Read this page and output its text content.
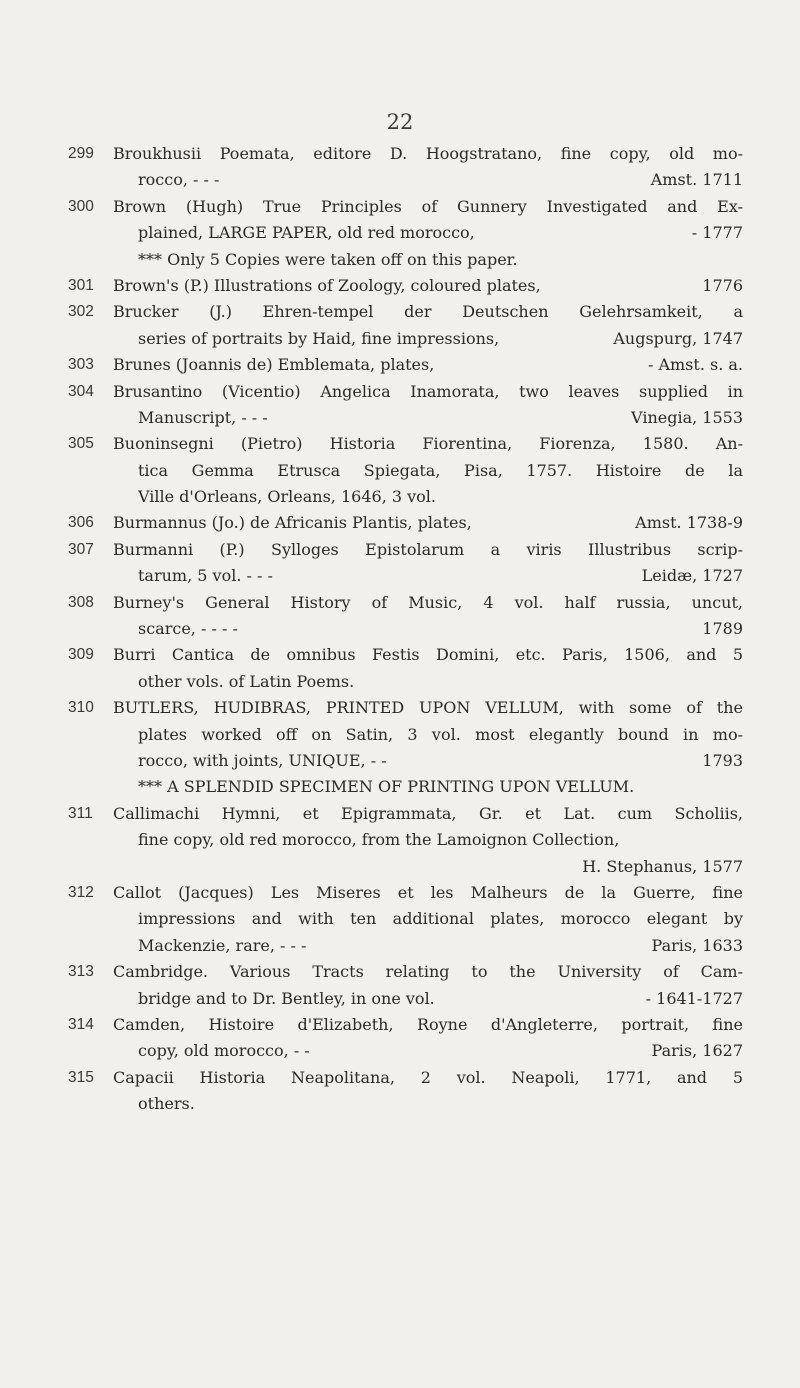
22
299	Broukhusii Poemata, editore D. Hoogstratano, fine copy, old mo-
rocco, - - -	Amst. 1711
300	Brown (Hugh) True Principles of Gunnery Investigated and Ex-
plained, LARGE PAPER, old red morocco,	- 1777
*** Only 5 Copies were taken off on this paper.
301	Brown's (P.) Illustrations of Zoology, coloured plates,	1776
302	Brucker (J.) Ehren-tempel der Deutschen Gelehrsamkeit, a
series of portraits by Haid, fine impressions,	Augspurg, 1747
303	Brunes (Joannis de) Emblemata, plates,	- Amst. s. a.
304	Brusantino (Vicentio) Angelica Inamorata, two leaves supplied in
Manuscript, - - -	Vinegia, 1553
305	Buoninsegni (Pietro) Historia Fiorentina, Fiorenza, 1580. An-
tica Gemma Etrusca Spiegata, Pisa, 1757. Histoire de la
Ville d'Orleans, Orleans, 1646, 3 vol.
306	Burmannus (Jo.) de Africanis Plantis, plates,	Amst. 1738-9
307	Burmanni (P.) Sylloges Epistolarum a viris Illustribus scrip-
tarum, 5 vol. - - -	Leidæ, 1727
308	Burney's General History of Music, 4 vol. half russia, uncut,
scarce, - - - -	1789
309	Burri Cantica de omnibus Festis Domini, etc. Paris, 1506, and 5
other vols. of Latin Poems.
310	BUTLERS, HUDIBRAS, PRINTED UPON VELLUM, with some of the
plates worked off on Satin, 3 vol. most elegantly bound in mo-
rocco, with joints, UNIQUE, - -	1793
*** A SPLENDID SPECIMEN OF PRINTING UPON VELLUM.
311	Callimachi Hymni, et Epigrammata, Gr. et Lat. cum Scholiis,
fine copy, old red morocco, from the Lamoignon Collection,
H. Stephanus, 1577
312	Callot (Jacques) Les Miseres et les Malheurs de la Guerre, fine
impressions and with ten additional plates, morocco elegant by
Mackenzie, rare, - - -	Paris, 1633
313	Cambridge. Various Tracts relating to the University of Cam-
bridge and to Dr. Bentley, in one vol.	- 1641-1727
314	Camden, Histoire d'Elizabeth, Royne d'Angleterre, portrait, fine
copy, old morocco, - -	Paris, 1627
315	Capacii Historia Neapolitana, 2 vol. Neapoli, 1771, and 5
others.
